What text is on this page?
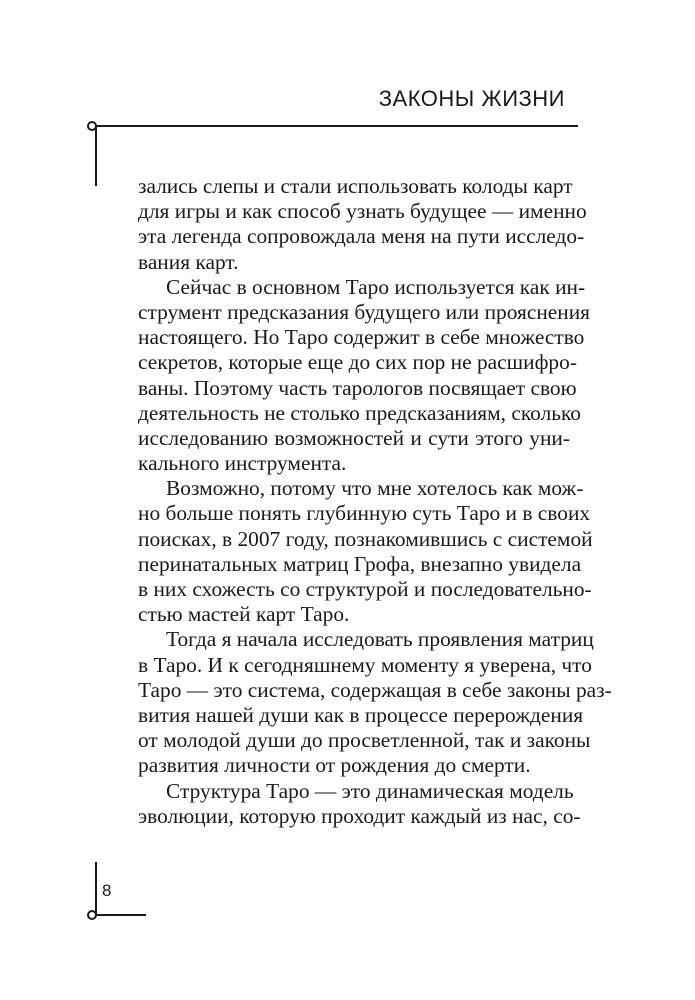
ЗАКОНЫ ЖИЗНИ
зались слепы и стали использовать колоды карт
для игры и как способ узнать будущее — именно
эта легенда сопровождала меня на пути исследо-
вания карт.
Сейчас в основном Таро используется как ин-
струмент предсказания будущего или прояснения
настоящего. Но Таро содержит в себе множество
секретов, которые еще до сих пор не расшифро-
ваны. Поэтому часть тарологов посвящает свою
деятельность не столько предсказаниям, сколько
исследованию возможностей и сути этого уни-
кального инструмента.
Возможно, потому что мне хотелось как мож-
но больше понять глубинную суть Таро и в своих
поисках, в 2007 году, познакомившись с системой
перинатальных матриц Грофа, внезапно увидела
в них схожесть со структурой и последовательно-
стью мастей карт Таро.
Тогда я начала исследовать проявления матриц
в Таро. И к сегодняшнему моменту я уверена, что
Таро — это система, содержащая в себе законы раз-
вития нашей души как в процессе перерождения
от молодой души до просветленной, так и законы
развития личности от рождения до смерти.
Структура Таро — это динамическая модель
эволюции, которую проходит каждый из нас, со-
8
